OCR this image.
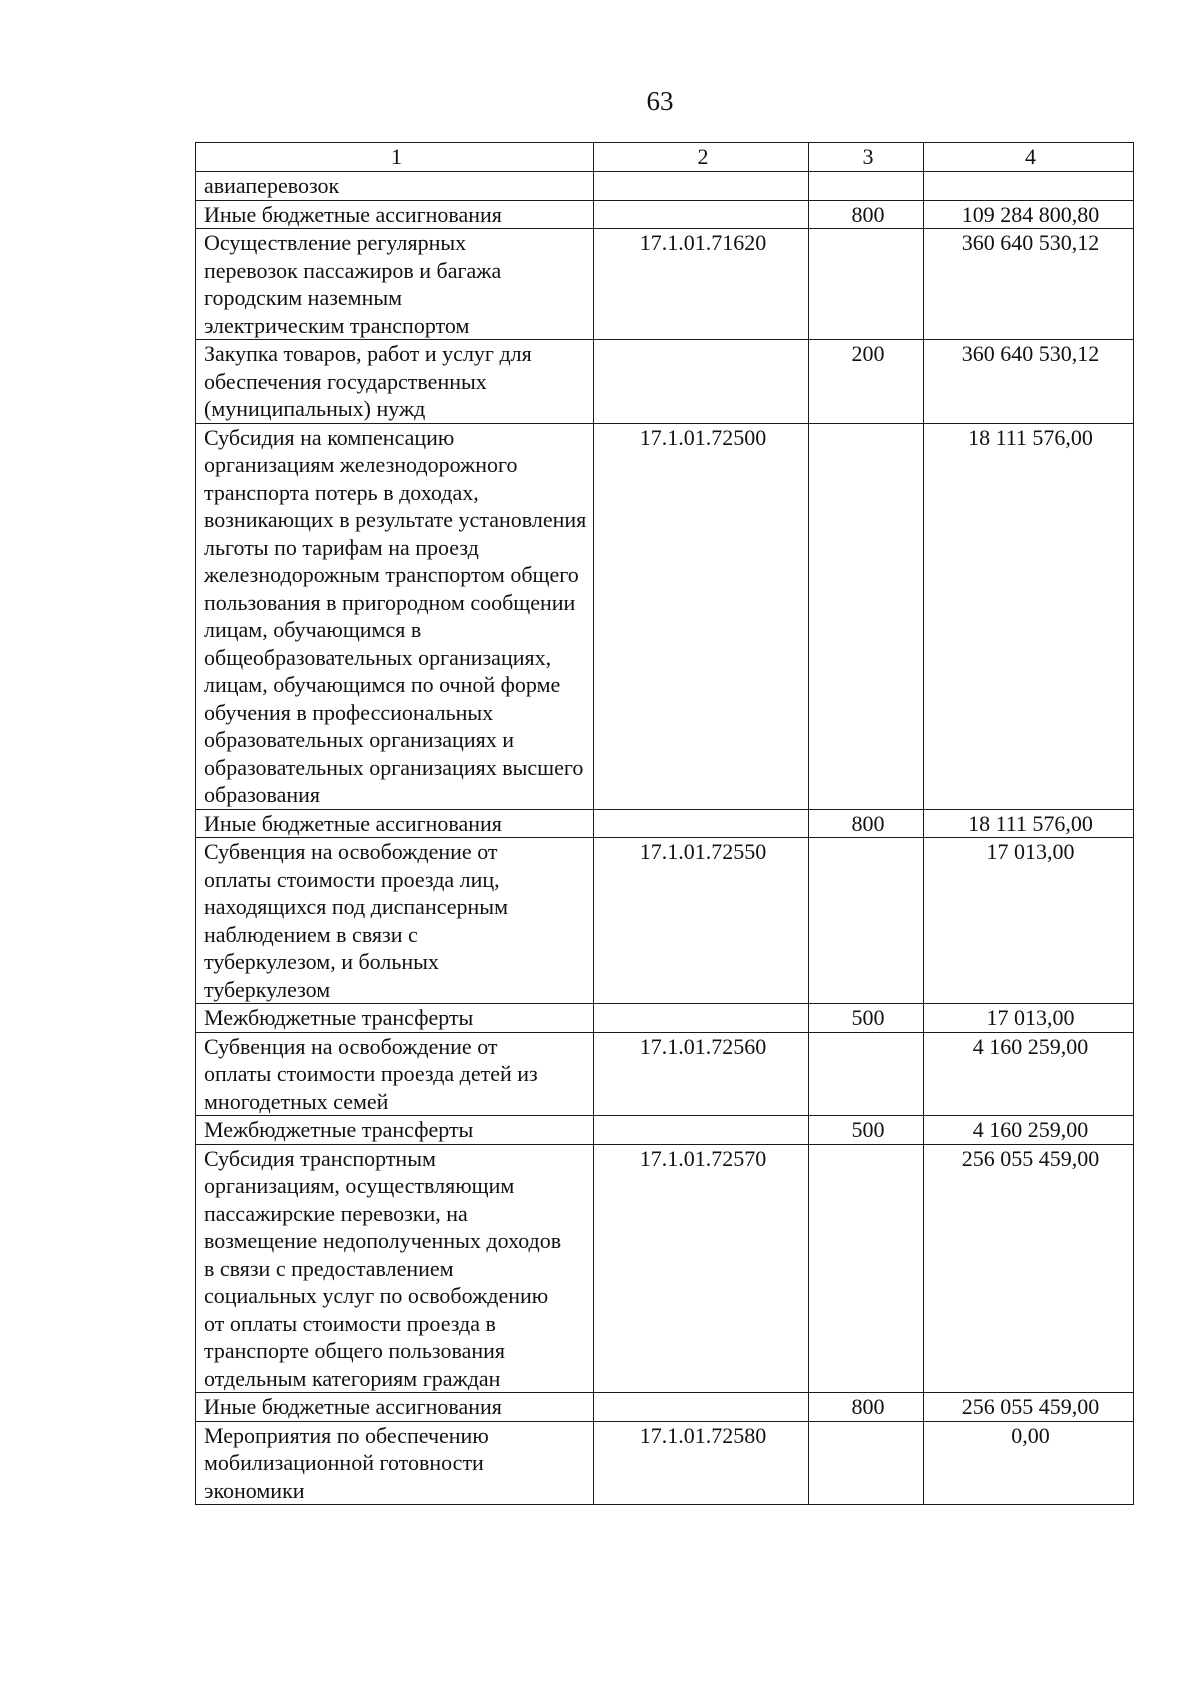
63
1	2	3	4

авиаперевозок			

Иные бюджетные ассигнования		800	109 284 800,80

Осуществление регулярных перевозок пассажиров и багажа городским наземным электрическим транспортом	17.1.01.71620		360 640 530,12

Закупка товаров, работ и услуг для обеспечения государственных (муниципальных) нужд		200	360 640 530,12

Субсидия на компенсацию организациям железнодорожного транспорта потерь в доходах, возникающих в результате установления льготы по тарифам на проезд железнодорожным транспортом общего пользования в пригородном сообщении лицам, обучающимся в общеобразовательных организациях, лицам, обучающимся по очной форме обучения в профессиональных образовательных организациях и образовательных организациях высшего образования	17.1.01.72500		18 111 576,00

Иные бюджетные ассигнования		800	18 111 576,00

Субвенция на освобождение от оплаты стоимости проезда лиц, находящихся под диспансерным наблюдением в связи с туберкулезом, и больных туберкулезом	17.1.01.72550		17 013,00

Межбюджетные трансферты		500	17 013,00

Субвенция на освобождение от оплаты стоимости проезда детей из многодетных семей	17.1.01.72560		4 160 259,00

Межбюджетные трансферты		500	4 160 259,00

Субсидия транспортным организациям, осуществляющим пассажирские перевозки, на возмещение недополученных доходов в связи с предоставлением социальных услуг по освобождению от оплаты стоимости проезда в транспорте общего пользования отдельным категориям граждан	17.1.01.72570		256 055 459,00

Иные бюджетные ассигнования		800	256 055 459,00

Мероприятия по обеспечению мобилизационной готовности экономики	17.1.01.72580		0,00
